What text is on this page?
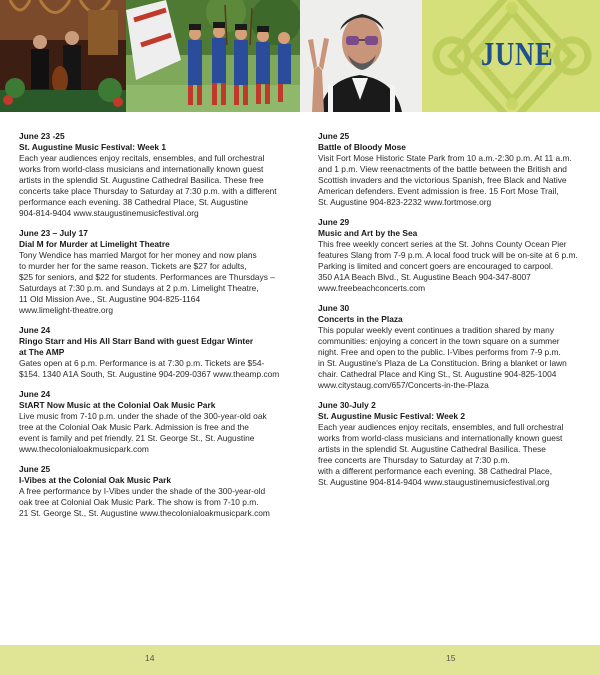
JUNE
June 23 -25
St. Augustine Music Festival: Week 1
Each year audiences enjoy recitals, ensembles, and full orchestral
works from world-class musicians and internationally known guest
artists in the splendid St. Augustine Cathedral Basilica. These free
concerts take place Thursday to Saturday at 7:30 p.m. with a different
performance each evening. 38 Cathedral Place, St. Augustine
904-814-9404 www.staugustinemusicfestival.org
June 23 – July 17
Dial M for Murder at Limelight Theatre
Tony Wendice has married Margot for her money and now plans
to murder her for the same reason. Tickets are $27 for adults,
$25 for seniors, and $22 for students. Performances are Thursdays –
Saturdays at 7:30 p.m. and Sundays at 2 p.m. Limelight Theatre,
11 Old Mission Ave., St. Augustine 904-825-1164
www.limelight-theatre.org
June 24
Ringo Starr and His All Starr Band with guest Edgar Winter
at The AMP
Gates open at 6 p.m. Performance is at 7:30 p.m. Tickets are $54-
$154. 1340 A1A South, St. Augustine 904-209-0367 www.theamp.com
June 24
StART Now Music at the Colonial Oak Music Park
Live music from 7-10 p.m. under the shade of the 300-year-old oak
tree at the Colonial Oak Music Park. Admission is free and the
event is family and pet friendly. 21 St. George St., St. Augustine
www.thecolonialoakmusicpark.com
June 25
I-Vibes at the Colonial Oak Music Park
A free performance by I-Vibes under the shade of the 300-year-old
oak tree at Colonial Oak Music Park. The show is from 7-10 p.m.
21 St. George St., St. Augustine www.thecolonialoakmusicpark.com
June 25
Battle of Bloody Mose
Visit Fort Mose Historic State Park from 10 a.m.-2:30 p.m. At 11 a.m.
and 1 p.m. View reenactments of the battle between the British and
Scottish invaders and the victorious Spanish, free Black and Native
American defenders. Event admission is free. 15 Fort Mose Trail,
St. Augustine 904-823-2232 www.fortmose.org
June 29
Music and Art by the Sea
This free weekly concert series at the St. Johns County Ocean Pier
features Slang from 7-9 p.m. A local food truck will be on-site at 6 p.m.
Parking is limited and concert goers are encouraged to carpool.
350 A1A Beach Blvd., St. Augustine Beach 904-347-8007
www.freebeachconcerts.com
June 30
Concerts in the Plaza
This popular weekly event continues a tradition shared by many
communities: enjoying a concert in the town square on a summer
night. Free and open to the public. I-Vibes performs from 7-9 p.m.
in St. Augustine's Plaza de La Constitucion. Bring a blanket or lawn
chair. Cathedral Place and King St., St. Augustine 904-825-1004
www.citystaug.com/657/Concerts-in-the-Plaza
June 30-July 2
St. Augustine Music Festival: Week 2
Each year audiences enjoy recitals, ensembles, and full orchestral
works from world-class musicians and internationally known guest
artists in the splendid St. Augustine Cathedral Basilica. These
free concerts are Thursday to Saturday at 7:30 p.m.
with a different performance each evening. 38 Cathedral Place,
St. Augustine 904-814-9404 www.staugustinemusicfestival.org
14	15
